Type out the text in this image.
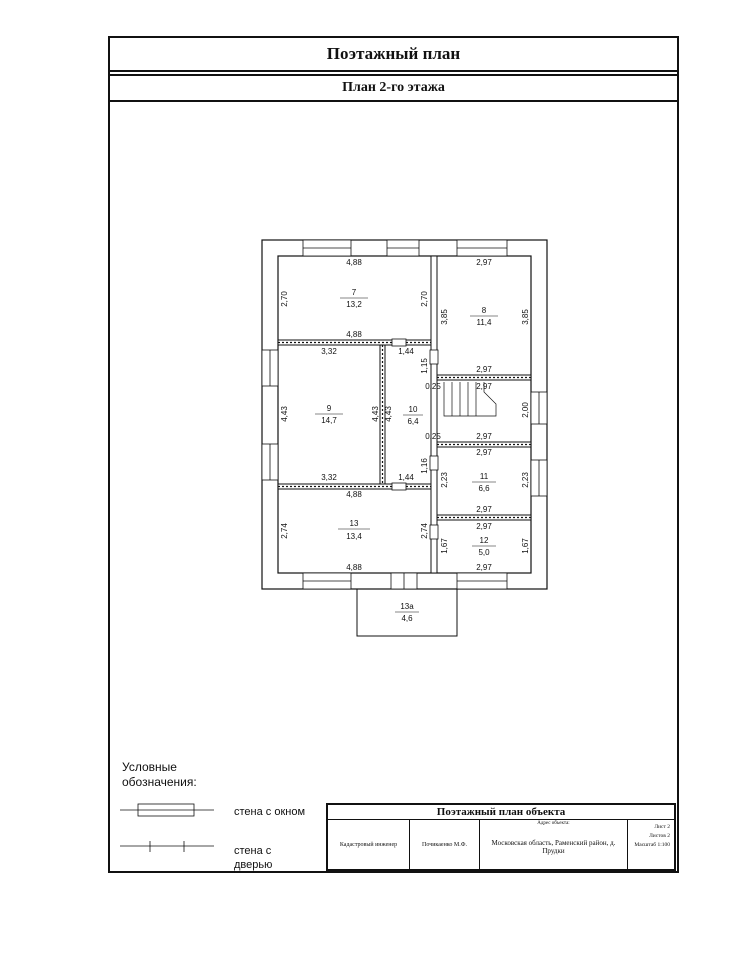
Поэтажный план
План 2-го этажа
7
13,2
8
11,4
9
14,7
10
6,4
11
6,6
12
5,0
13
13,4
13а
4,6
4,88
4,88
2,97
2,97
2,97
2,97
2,97
2,97
2,97
2,97
3,32
3,32
1,44
1,44
4,88
4,88
0,25
0,25
2,70	2,70
3,85	3,85
4,43	4,43 4,43
1,15
1,16
2,00
2,23	2,23
1,67	1,67
2,74	2,74
Условные обозначения:
стена с окном
стена с дверью
Поэтажный план объекта
Кадастровый инженер	Почикаенко М.Ф.
Адрес объекта:
Московская область, Раменский район, д. Прудки
Лист 2
Листов 2
Масштаб 1:100
